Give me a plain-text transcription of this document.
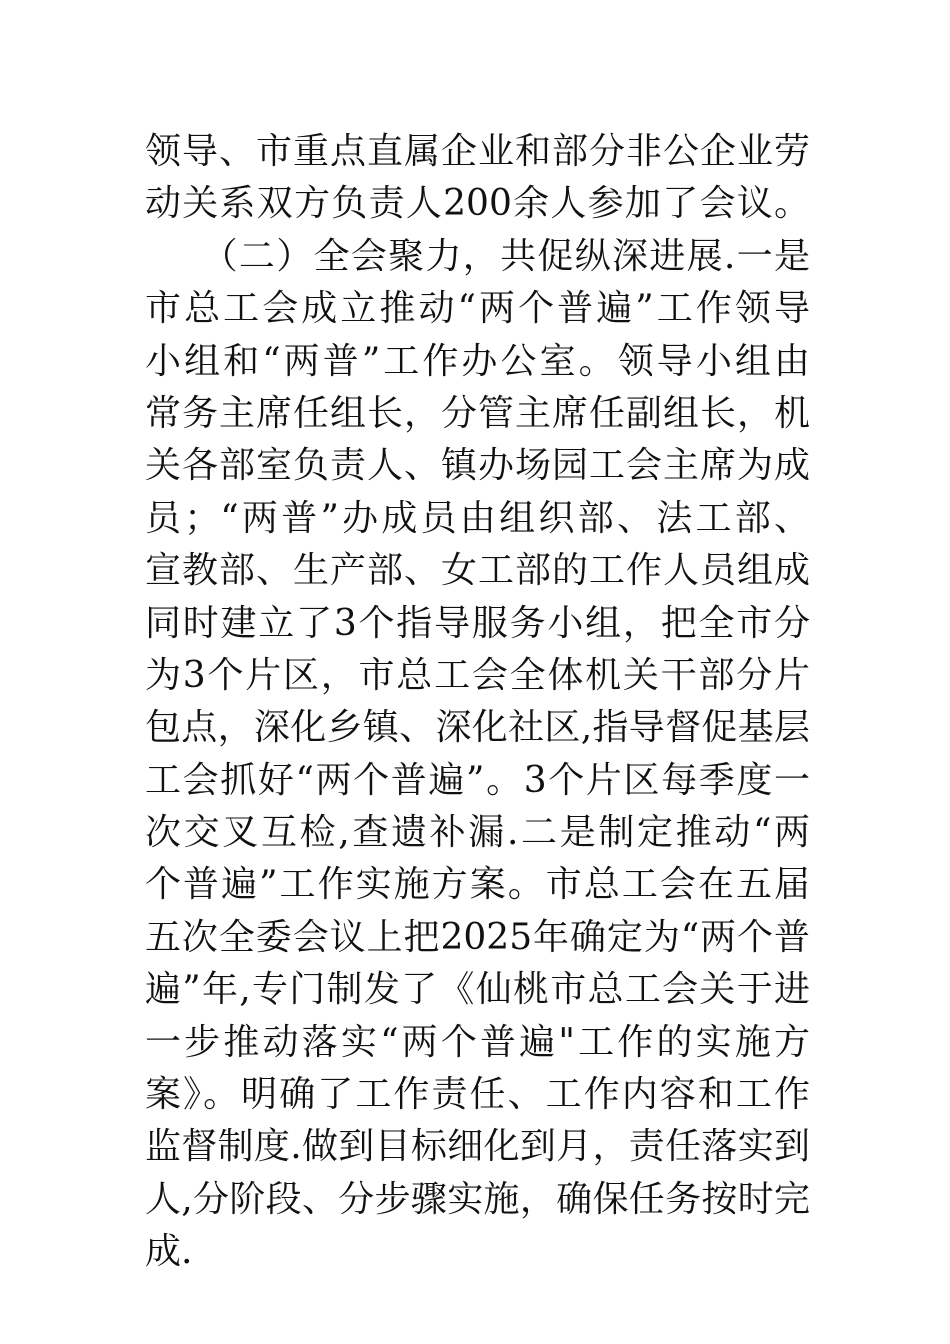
领导、市重点直属企业和部分非公企业劳
动关系双方负责人200余人参加了会议。
　　（二）全会聚力，共促纵深进展.一是
市总工会成立推动“两个普遍”工作领导
小组和“两普”工作办公室。领导小组由
常务主席任组长，分管主席任副组长，机
关各部室负责人、镇办场园工会主席为成
员；“两普”办成员由组织部、法工部、
宣教部、生产部、女工部的工作人员组成
同时建立了3个指导服务小组，把全市分
为3个片区，市总工会全体机关干部分片
包点，深化乡镇、深化社区,指导督促基层
工会抓好“两个普遍”。3个片区每季度一
次交叉互检,查遗补漏.二是制定推动“两
个普遍”工作实施方案。市总工会在五届
五次全委会议上把2025年确定为“两个普
遍”年,专门制发了《仙桃市总工会关于进
一步推动落实“两个普遍"工作的实施方
案》。明确了工作责任、工作内容和工作
监督制度.做到目标细化到月，责任落实到
人,分阶段、分步骤实施，确保任务按时完
成.
